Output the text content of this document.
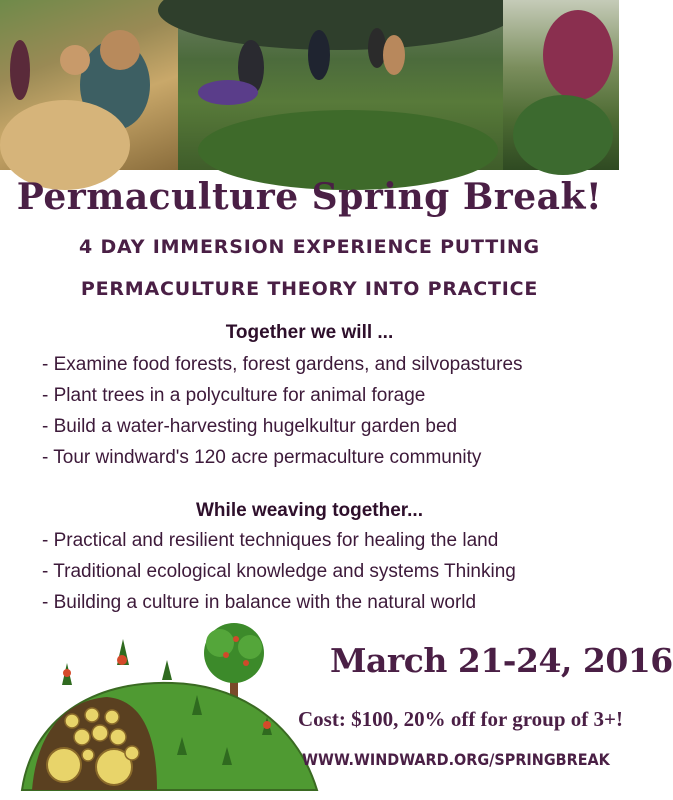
Permaculture Spring Break!
4 DAY IMMERSION EXPERIENCE PUTTING
PERMACULTURE THEORY INTO PRACTICE
Together we will ...
- Examine food forests, forest gardens, and silvopastures
- Plant trees in a polyculture for animal forage
- Build a water-harvesting hugelkultur garden bed
- Tour windward's 120 acre permaculture community
While weaving together...
- Practical and resilient techniques for healing the land
- Traditional ecological knowledge and systems Thinking
- Building a culture in balance with the natural world
March 21-24, 2016
Cost: $100, 20% off for group of 3+!
WWW.WINDWARD.ORG/SPRINGBREAK
